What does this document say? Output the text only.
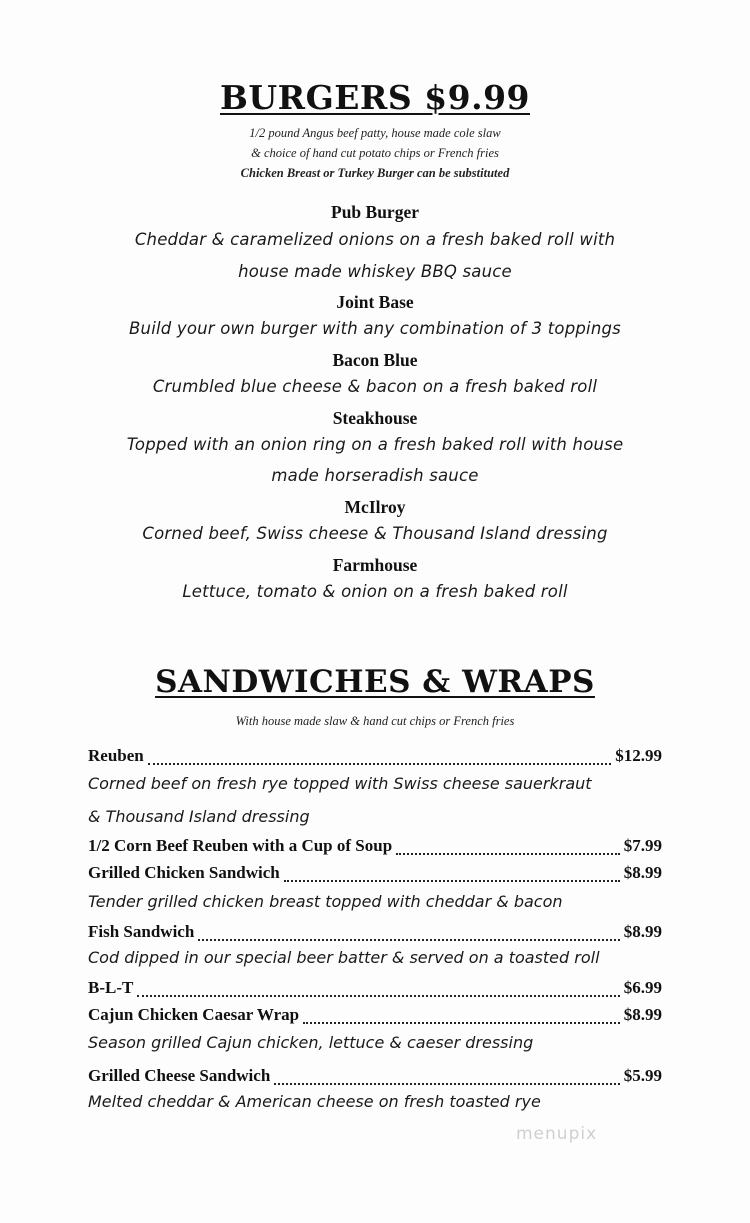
BURGERS $9.99
1/2 pound Angus beef patty, house made cole slaw
& choice of hand cut potato chips or French fries
Chicken Breast or Turkey Burger can be substituted
Pub Burger
Cheddar & caramelized onions on a fresh baked roll with
house made whiskey BBQ sauce
Joint Base
Build your own burger with any combination of 3 toppings
Bacon Blue
Crumbled blue cheese & bacon on a fresh baked roll
Steakhouse
Topped with an onion ring on a fresh baked roll with house
made horseradish sauce
McIlroy
Corned beef, Swiss cheese & Thousand Island dressing
Farmhouse
Lettuce, tomato & onion on a fresh baked roll
SANDWICHES & WRAPS
With house made slaw & hand cut chips or French fries
Reuben	$12.99
Corned beef on fresh rye topped with Swiss cheese sauerkraut
& Thousand Island dressing
1/2 Corn Beef Reuben with a Cup of Soup	$7.99
Grilled Chicken Sandwich	$8.99
Tender grilled chicken breast topped with cheddar & bacon
Fish Sandwich	$8.99
Cod dipped in our special beer batter & served on a toasted roll
B-L-T	$6.99
Cajun Chicken Caesar Wrap	$8.99
Season grilled Cajun chicken, lettuce & caeser dressing
Grilled Cheese Sandwich	$5.99
Melted cheddar & American cheese on fresh toasted rye
menupix
